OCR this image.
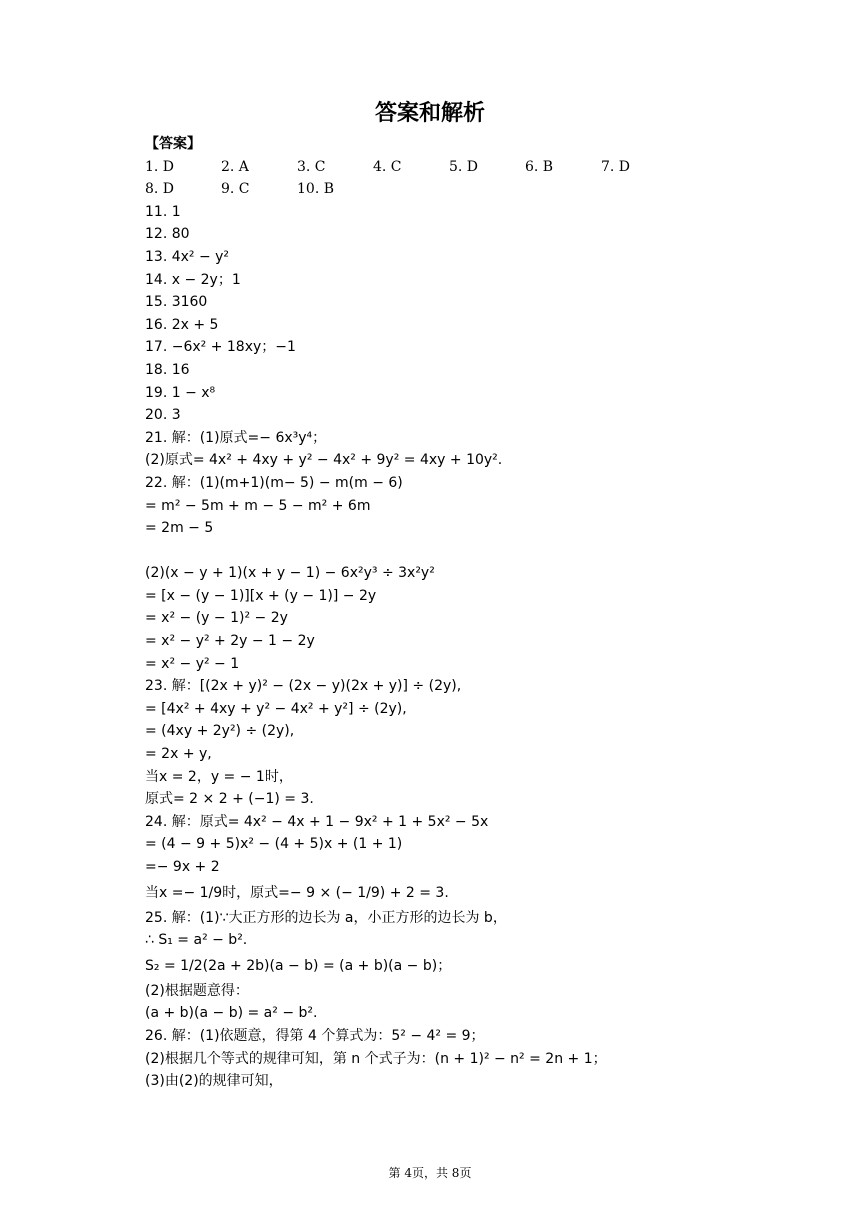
答案和解析
【答案】
1. D	2. A	3. C	4. C	5. D	6. B	7. D
8. D	9. C	10. B
11. 1
12. 80
13. 4x² − y²
14. x − 2y；1
15. 3160
16. 2x + 5
17. −6x² + 18xy；−1
18. 16
19. 1 − x⁸
20. 3
21. 解：(1)原式=− 6x³y⁴；
(2)原式= 4x² + 4xy + y² − 4x² + 9y² = 4xy + 10y².
22. 解：(1)(m+1)(m− 5) − m(m − 6)
= m² − 5m + m − 5 − m² + 6m
= 2m − 5
(2)(x − y + 1)(x + y − 1) − 6x²y³ ÷ 3x²y²
= [x − (y − 1)][x + (y − 1)] − 2y
= x² − (y − 1)² − 2y
= x² − y² + 2y − 1 − 2y
= x² − y² − 1
23. 解：[(2x + y)² − (2x − y)(2x + y)] ÷ (2y),
= [4x² + 4xy + y² − 4x² + y²] ÷ (2y),
= (4xy + 2y²) ÷ (2y),
= 2x + y,
当x = 2，y = − 1时，
原式= 2 × 2 + (−1) = 3.
24. 解：原式= 4x² − 4x + 1 − 9x² + 1 + 5x² − 5x
= (4 − 9 + 5)x² − (4 + 5)x + (1 + 1)
=− 9x + 2
当x =− 1/9时，原式=− 9 × (− 1/9) + 2 = 3.
25. 解：(1)∵大正方形的边长为 a，小正方形的边长为 b，
∴ S₁ = a² − b².
S₂ = 1/2(2a + 2b)(a − b) = (a + b)(a − b)；
(2)根据题意得：
(a + b)(a − b) = a² − b².
26. 解：(1)依题意，得第 4 个算式为：5² − 4² = 9；
(2)根据几个等式的规律可知，第 n 个式子为：(n + 1)² − n² = 2n + 1；
(3)由(2)的规律可知，
第 4页，共 8页
